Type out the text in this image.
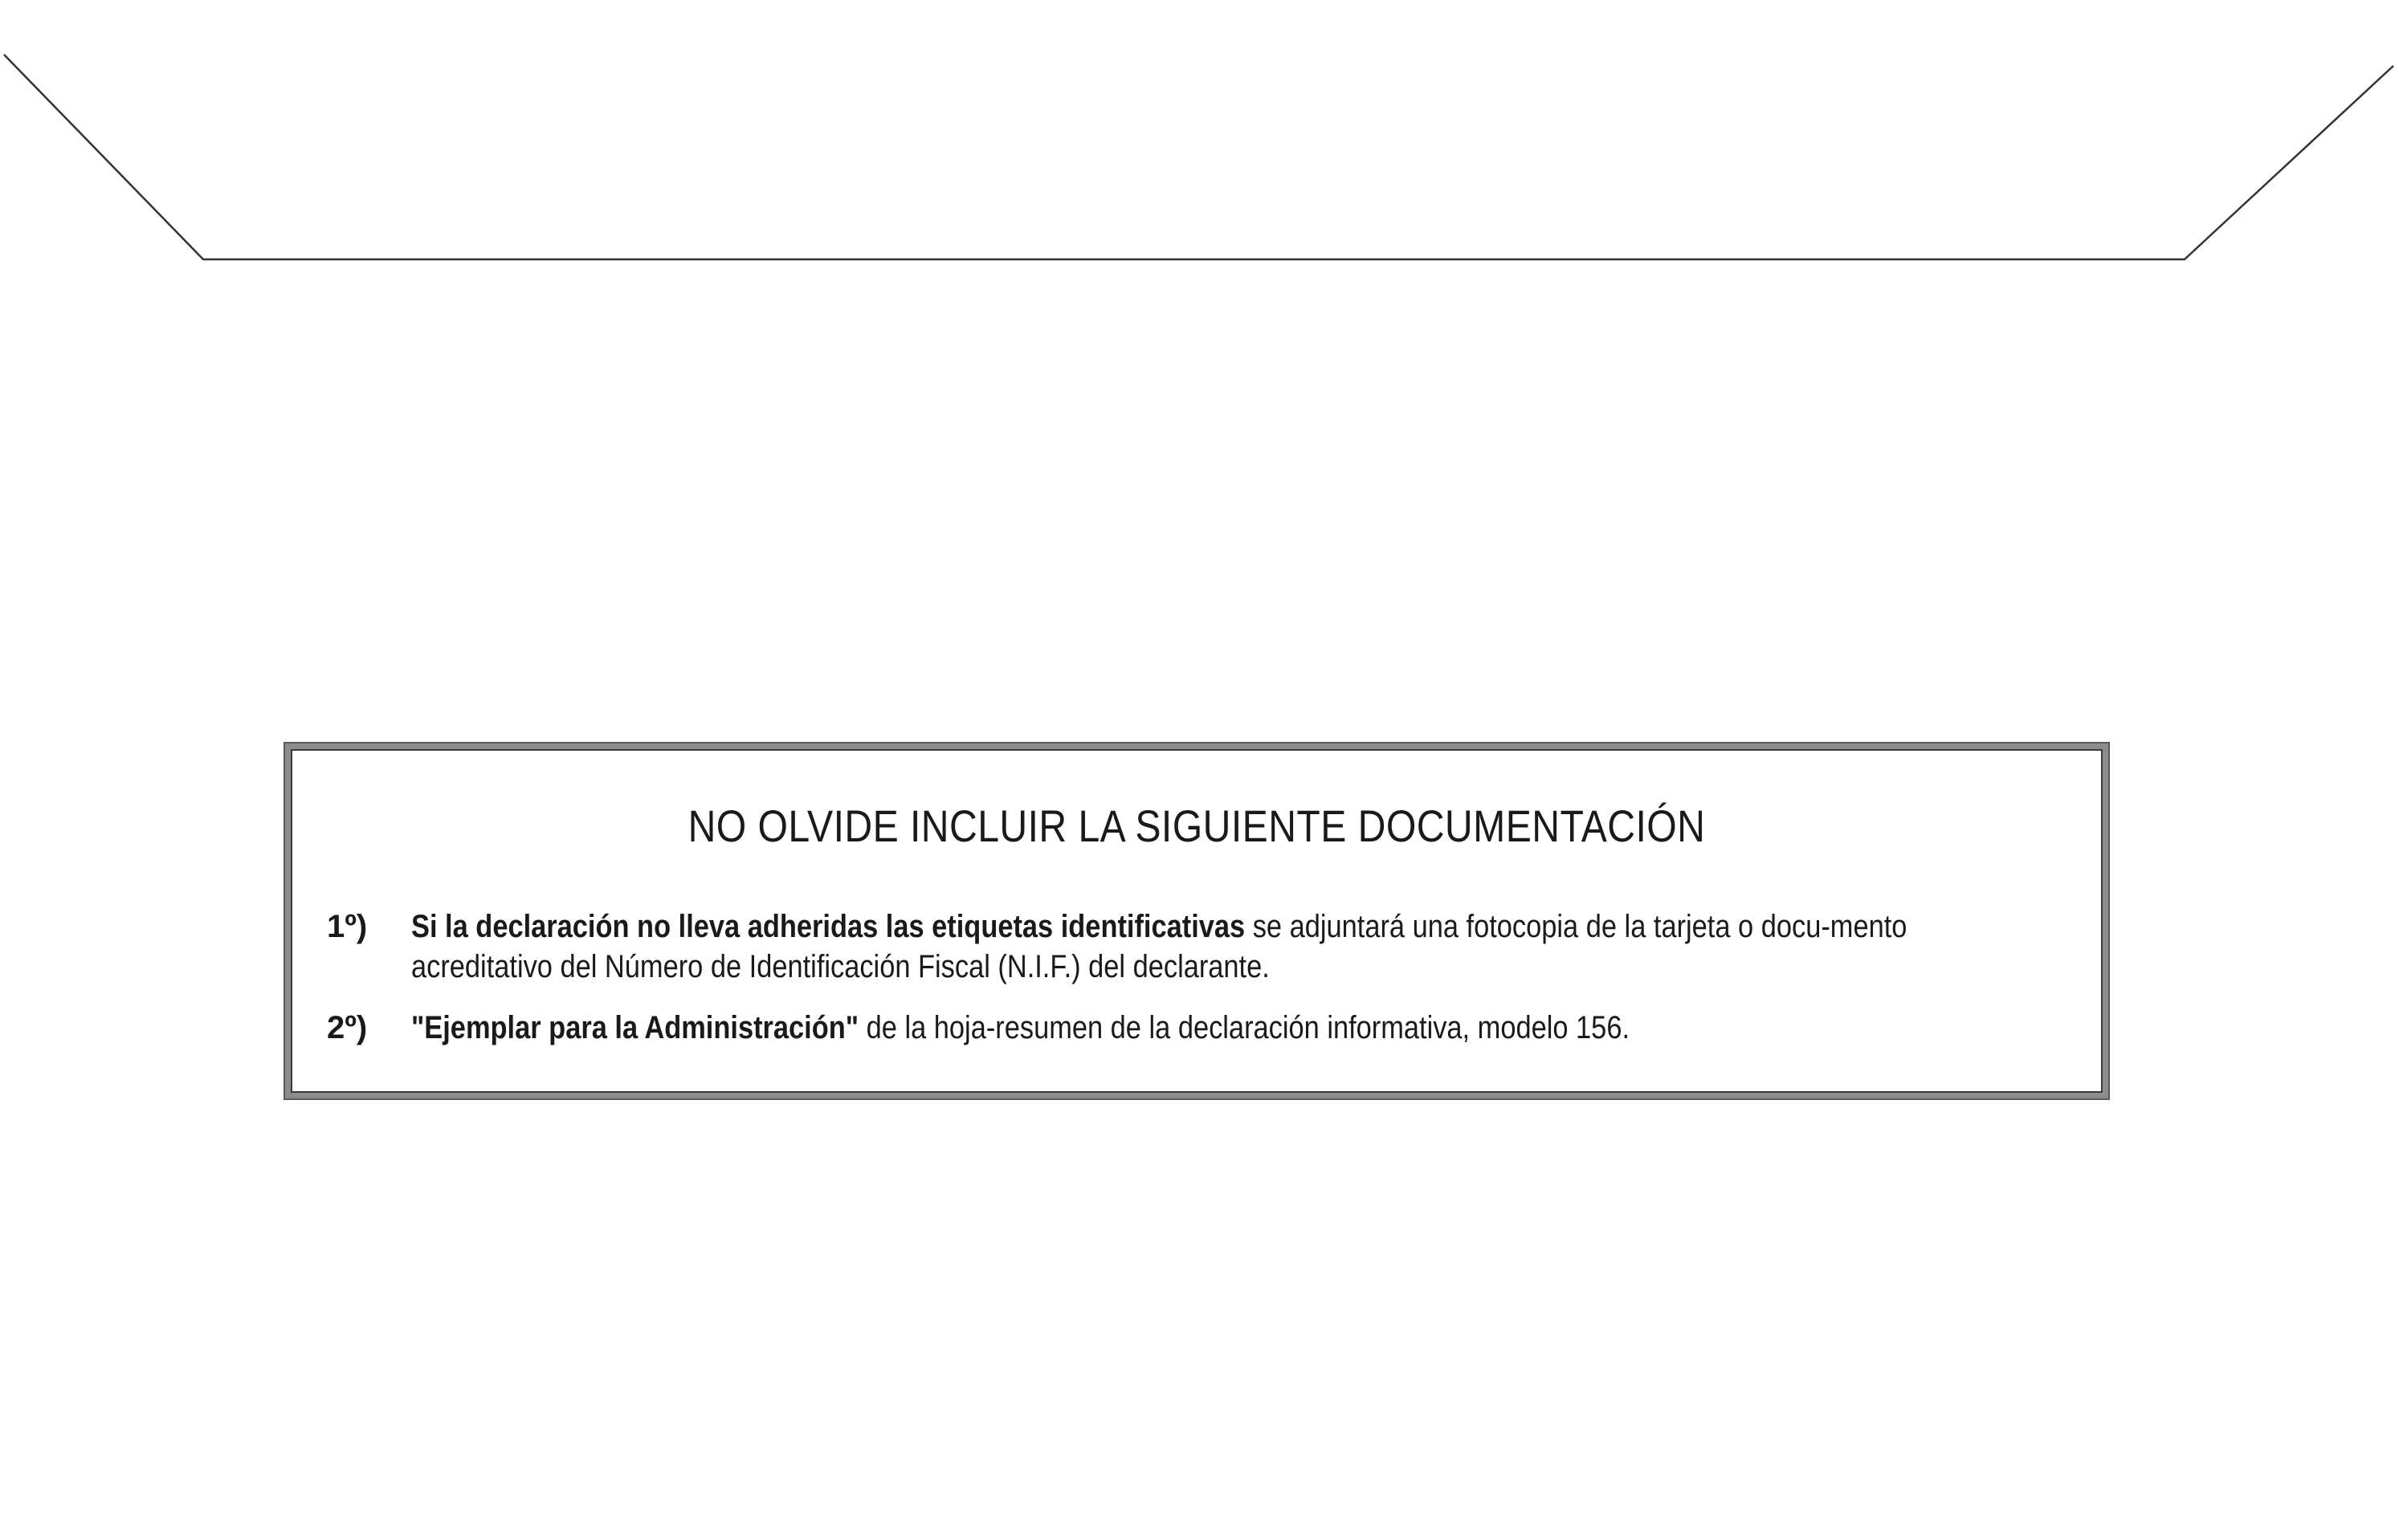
NO OLVIDE INCLUIR LA SIGUIENTE DOCUMENTACIÓN
1º)	Si la declaración no lleva adheridas las etiquetas identificativas se adjuntará una fotocopia de la tarjeta o docu-mento acreditativo del Número de Identificación Fiscal (N.I.F.) del declarante.
2º)	"Ejemplar para la Administración" de la hoja-resumen de la declaración informativa, modelo 156.
